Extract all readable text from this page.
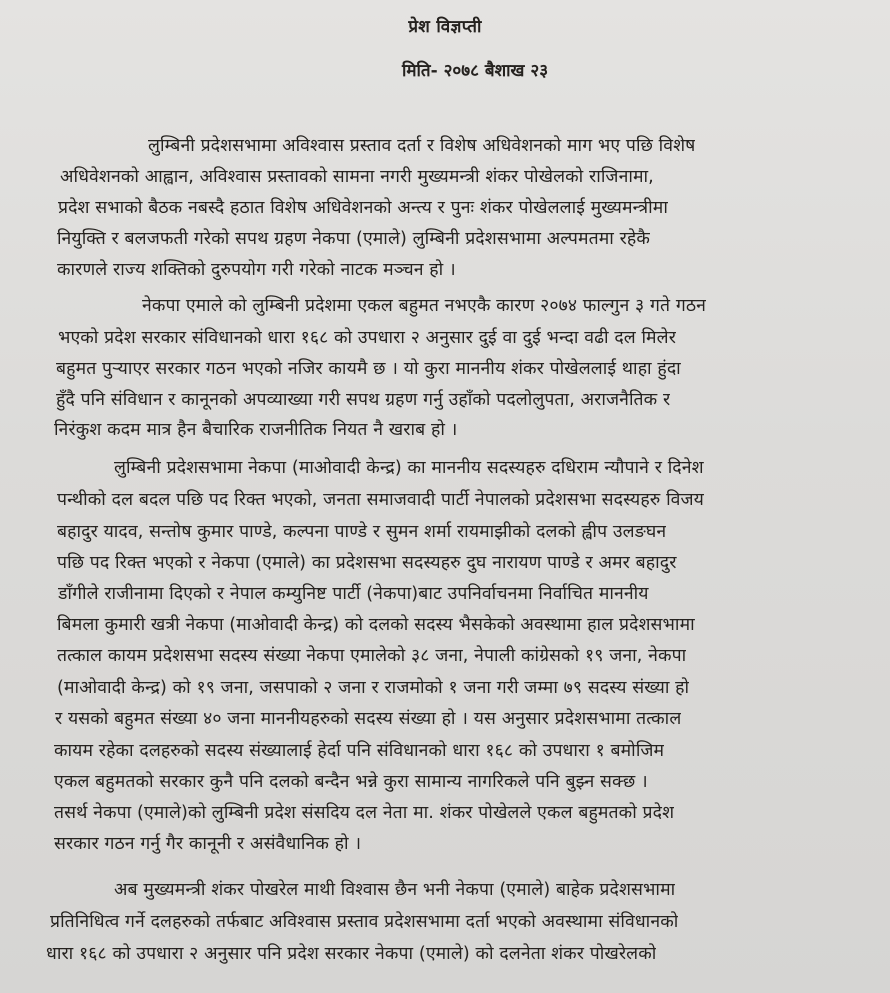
प्रेश विज्ञप्ती
मिति- २०७८ बैशाख २३
लुम्बिनी प्रदेशसभामा अविश्वास प्रस्ताव दर्ता र विशेष अधिवेशनको माग भए पछि विशेष
अधिवेशनको आह्वान, अविश्वास प्रस्तावको सामना नगरी मुख्यमन्त्री शंकर पोखेलको राजिनामा,
प्रदेश सभाको बैठक नबस्दै हठात विशेष अधिवेशनको अन्त्य र पुनः शंकर पोखेललाई मुख्यमन्त्रीमा
नियुक्ति र बलजफती गरेको सपथ ग्रहण नेकपा (एमाले) लुम्बिनी प्रदेशसभामा अल्पमतमा रहेकै
कारणले राज्य शक्तिको दुरुपयोग गरी गरेको नाटक मञ्चन हो ।
नेकपा एमाले को लुम्बिनी प्रदेशमा एकल बहुमत नभएकै कारण २०७४ फाल्गुन ३ गते गठन
भएको प्रदेश सरकार संविधानको धारा १६८ को उपधारा २ अनुसार दुई वा दुई भन्दा वढी दल मिलेर
बहुमत पुऱ्याएर सरकार गठन भएको नजिर कायमै छ । यो कुरा माननीय शंकर पोखेललाई थाहा हुंदा
हुँदै पनि संविधान र कानूनको अपव्याख्या गरी सपथ ग्रहण गर्नु उहाँको पदलोलुपता, अराजनैतिक र
निरंकुश कदम मात्र हैन बैचारिक राजनीतिक नियत नै खराब हो ।
लुम्बिनी प्रदेशसभामा नेकपा (माओवादी केन्द्र) का माननीय सदस्यहरु दधिराम न्यौपाने र दिनेश
पन्थीको दल बदल पछि पद रिक्त भएको, जनता समाजवादी पार्टी नेपालको प्रदेशसभा सदस्यहरु विजय
बहादुर यादव, सन्तोष कुमार पाण्डे, कल्पना पाण्डे र सुमन शर्मा रायमाझीको दलको ह्वीप उलङघन
पछि पद रिक्त भएको र नेकपा (एमाले) का प्रदेशसभा सदस्यहरु दुघ नारायण पाण्डे र अमर बहादुर
डाँगीले राजीनामा दिएको र नेपाल कम्युनिष्ट पार्टी (नेकपा)बाट उपनिर्वाचनमा निर्वाचित माननीय
बिमला कुमारी खत्री नेकपा (माओवादी केन्द्र) को दलको सदस्य भैसकेको अवस्थामा हाल प्रदेशसभामा
तत्काल कायम प्रदेशसभा सदस्य संख्या नेकपा एमालेको ३८ जना, नेपाली कांग्रेसको १९ जना, नेकपा
(माओवादी केन्द्र) को १९ जना, जसपाको २ जना र राजमोको १ जना गरी जम्मा ७९ सदस्य संख्या हो
र यसको बहुमत संख्या ४० जना माननीयहरुको सदस्य संख्या हो । यस अनुसार प्रदेशसभामा तत्काल
कायम रहेका दलहरुको सदस्य संख्यालाई हेर्दा पनि संविधानको धारा १६८ को उपधारा १ बमोजिम
एकल बहुमतको सरकार कुनै पनि दलको बन्दैन भन्ने कुरा सामान्य नागरिकले पनि बुझ्न सक्छ ।
तसर्थ नेकपा (एमाले)को लुम्बिनी प्रदेश संसदिय दल नेता मा. शंकर पोखेलले एकल बहुमतको प्रदेश
सरकार गठन गर्नु गैर कानूनी र असंवैधानिक हो ।
अब मुख्यमन्त्री शंकर पोखरेल माथी विश्वास छैन भनी नेकपा (एमाले) बाहेक प्रदेशसभामा
प्रतिनिधित्व गर्ने दलहरुको तर्फबाट अविश्वास प्रस्ताव प्रदेशसभामा दर्ता भएको अवस्थामा संविधानको
धारा १६८ को उपधारा २ अनुसार पनि प्रदेश सरकार नेकपा (एमाले) को दलनेता शंकर पोखरेलको
